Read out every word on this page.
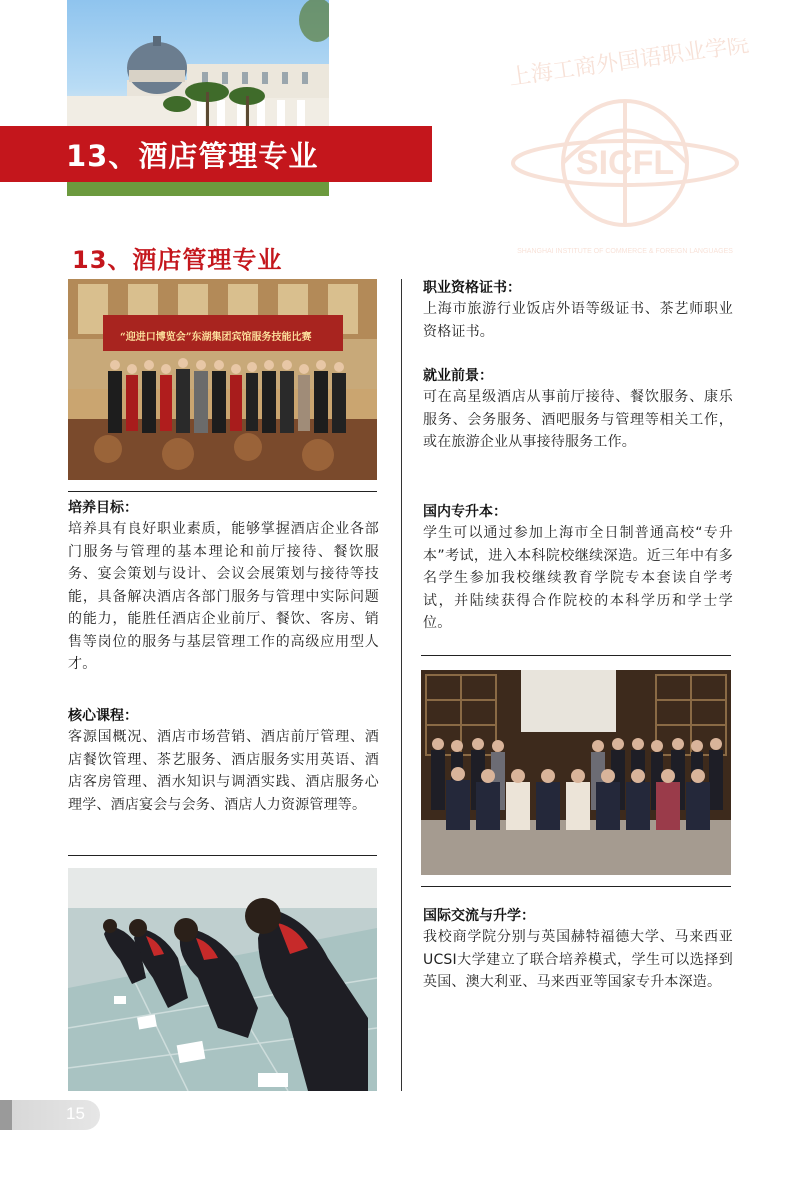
13、酒店管理专业	SICFL
上海工商外国语职业学院
SHANGHAI INSTITUTE OF COMMERCE & FOREIGN LANGUAGES
13、酒店管理专业
“迎进口博览会”东湖集团宾馆服务技能比赛
培养目标：
培养具有良好职业素质，能够掌握酒店企业各部门服务与管理的基本理论和前厅接待、餐饮服务、宴会策划与设计、会议会展策划与接待等技能，具备解决酒店各部门服务与管理中实际问题的能力，能胜任酒店企业前厅、餐饮、客房、销售等岗位的服务与基层管理工作的高级应用型人才。
核心课程：
客源国概况、酒店市场营销、酒店前厅管理、酒店餐饮管理、茶艺服务、酒店服务实用英语、酒店客房管理、酒水知识与调酒实践、酒店服务心理学、酒店宴会与会务、酒店人力资源管理等。
职业资格证书：
上海市旅游行业饭店外语等级证书、茶艺师职业资格证书。
就业前景：
可在高星级酒店从事前厅接待、餐饮服务、康乐服务、会务服务、酒吧服务与管理等相关工作，或在旅游企业从事接待服务工作。
国内专升本：
学生可以通过参加上海市全日制普通高校“专升本”考试，进入本科院校继续深造。近三年中有多名学生参加我校继续教育学院专本套读自学考试，并陆续获得合作院校的本科学历和学士学位。
国际交流与升学：
我校商学院分别与英国赫特福德大学、马来西亚UCSI大学建立了联合培养模式，学生可以选择到英国、澳大利亚、马来西亚等国家专升本深造。
15
